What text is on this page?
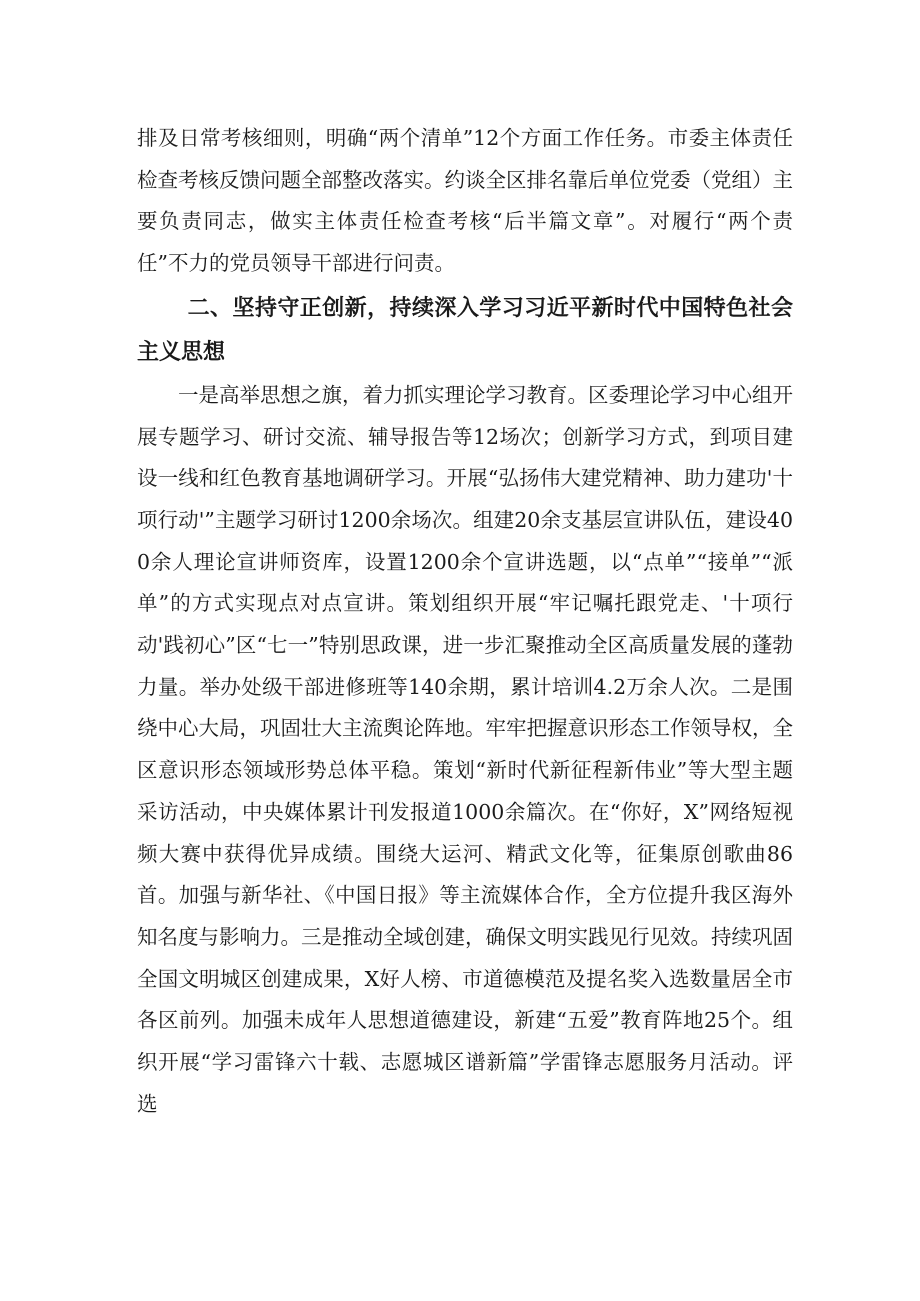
排及日常考核细则，明确“两个清单”12个方面工作任务。市委主体责任检查考核反馈问题全部整改落实。约谈全区排名靠后单位党委（党组）主要负责同志，做实主体责任检查考核“后半篇文章”。对履行“两个责任”不力的党员领导干部进行问责。

二、坚持守正创新，持续深入学习习近平新时代中国特色社会主义思想

一是高举思想之旗，着力抓实理论学习教育。区委理论学习中心组开展专题学习、研讨交流、辅导报告等12场次；创新学习方式，到项目建设一线和红色教育基地调研学习。开展“弘扬伟大建党精神、助力建功'十项行动'”主题学习研讨1200余场次。组建20余支基层宣讲队伍，建设400余人理论宣讲师资库，设置1200余个宣讲选题，以“点单”“接单”“派单”的方式实现点对点宣讲。策划组织开展“牢记嘱托跟党走、'十项行动'践初心”区“七一”特别思政课，进一步汇聚推动全区高质量发展的蓬勃力量。举办处级干部进修班等140余期，累计培训4.2万余人次。二是围绕中心大局，巩固壮大主流舆论阵地。牢牢把握意识形态工作领导权，全区意识形态领域形势总体平稳。策划“新时代新征程新伟业”等大型主题采访活动，中央媒体累计刊发报道1000余篇次。在“你好，X”网络短视频大赛中获得优异成绩。围绕大运河、精武文化等，征集原创歌曲86首。加强与新华社、《中国日报》等主流媒体合作，全方位提升我区海外知名度与影响力。三是推动全域创建，确保文明实践见行见效。持续巩固全国文明城区创建成果，X好人榜、市道德模范及提名奖入选数量居全市各区前列。加强未成年人思想道德建设，新建“五爱”教育阵地25个。组织开展“学习雷锋六十载、志愿城区谱新篇”学雷锋志愿服务月活动。评选
